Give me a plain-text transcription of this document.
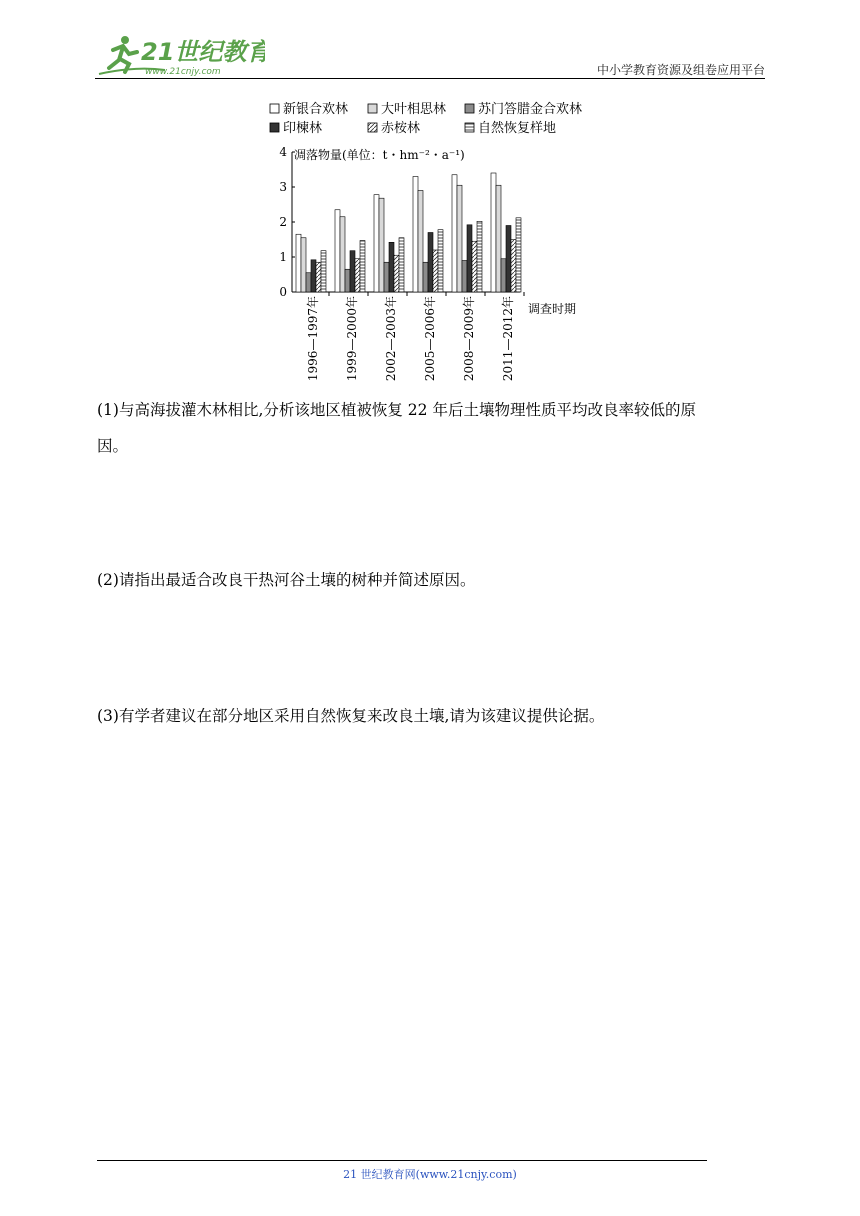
21世纪教育
www.21cnjy.com	中小学教育资源及组卷应用平台
新银合欢林	大叶相思林 苏门答腊金合欢林
印楝林	赤桉林	自然恢复样地
凋落物量(单位：t・hm⁻²・a⁻¹)
0
1
2
3
4
1996—1997年 1999—2000年 2002—2003年 2005—2006年 2008—2009年 2011—2012年 调查时期
(1)与高海拔灌木林相比,分析该地区植被恢复 22 年后土壤物理性质平均改良率较低的原
因。
(2)请指出最适合改良干热河谷土壤的树种并简述原因。
(3)有学者建议在部分地区采用自然恢复来改良土壤,请为该建议提供论据。
21 世纪教育网(www.21cnjy.com)
